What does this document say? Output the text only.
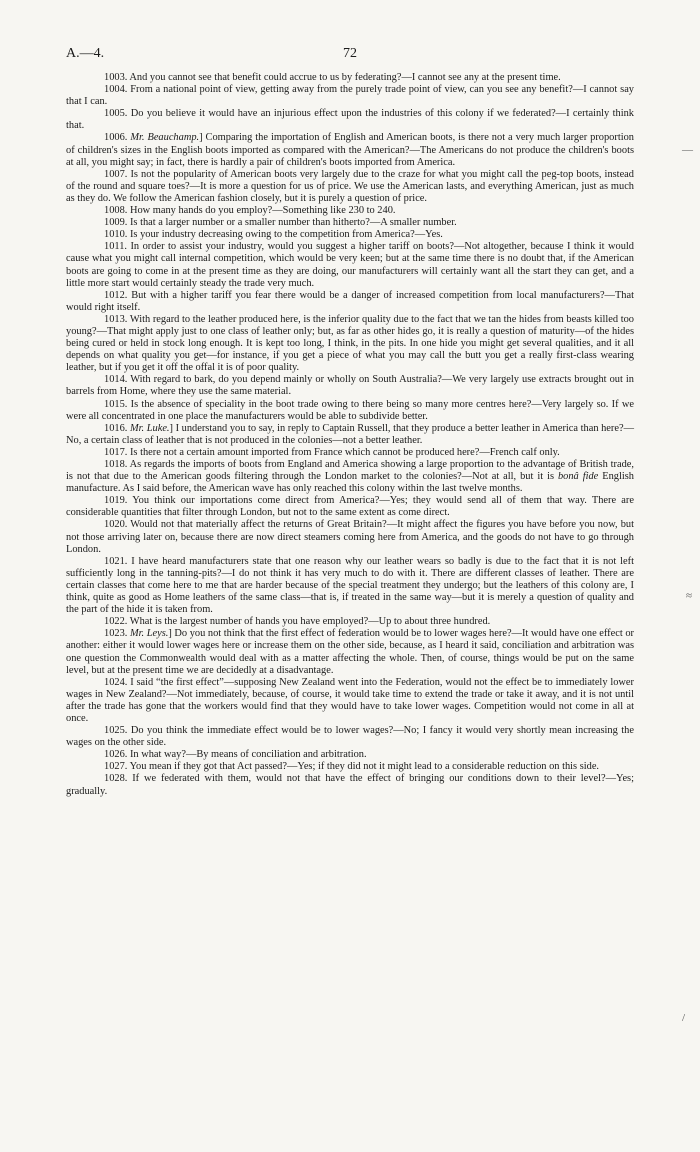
A.—4.	72

1003. And you cannot see that benefit could accrue to us by federating?—I cannot see any at the present time.

1004. From a national point of view, getting away from the purely trade point of view, can you see any benefit?—I cannot say that I can.

1005. Do you believe it would have an injurious effect upon the industries of this colony if we federated?—I certainly think that.

1006. Mr. Beauchamp.] Comparing the importation of English and American boots, is there not a very much larger proportion of children's sizes in the English boots imported as compared with the American?—The Americans do not produce the children's boots at all, you might say; in fact, there is hardly a pair of children's boots imported from America.

1007. Is not the popularity of American boots very largely due to the craze for what you might call the peg-top boots, instead of the round and square toes?—It is more a question for us of price. We use the American lasts, and everything American, just as much as they do. We follow the American fashion closely, but it is purely a question of price.

1008. How many hands do you employ?—Something like 230 to 240.

1009. Is that a larger number or a smaller number than hitherto?—A smaller number.

1010. Is your industry decreasing owing to the competition from America?—Yes.

1011. In order to assist your industry, would you suggest a higher tariff on boots?—Not altogether, because I think it would cause what you might call internal competition, which would be very keen; but at the same time there is no doubt that, if the American boots are going to come in at the present time as they are doing, our manufacturers will certainly want all the start they can get, and a little more start would certainly steady the trade very much.

1012. But with a higher tariff you fear there would be a danger of increased competition from local manufacturers?—That would right itself.

1013. With regard to the leather produced here, is the inferior quality due to the fact that we tan the hides from beasts killed too young?—That might apply just to one class of leather only; but, as far as other hides go, it is really a question of maturity—of the hides being cured or held in stock long enough. It is kept too long, I think, in the pits. In one hide you might get several qualities, and it all depends on what quality you get—for instance, if you get a piece of what you may call the butt you get a really first-class wearing leather, but if you get it off the offal it is of poor quality.

1014. With regard to bark, do you depend mainly or wholly on South Australia?—We very largely use extracts brought out in barrels from Home, where they use the same material.

1015. Is the absence of speciality in the boot trade owing to there being so many more centres here?—Very largely so. If we were all concentrated in one place the manufacturers would be able to subdivide better.

1016. Mr. Luke.] I understand you to say, in reply to Captain Russell, that they produce a better leather in America than here?—No, a certain class of leather that is not produced in the colonies—not a better leather.

1017. Is there not a certain amount imported from France which cannot be produced here?—French calf only.

1018. As regards the imports of boots from England and America showing a large proportion to the advantage of British trade, is not that due to the American goods filtering through the London market to the colonies?—Not at all, but it is bonâ fide English manufacture. As I said before, the American wave has only reached this colony within the last twelve months.

1019. You think our importations come direct from America?—Yes; they would send all of them that way. There are considerable quantities that filter through London, but not to the same extent as come direct.

1020. Would not that materially affect the returns of Great Britain?—It might affect the figures you have before you now, but not those arriving later on, because there are now direct steamers coming here from America, and the goods do not have to go through London.

1021. I have heard manufacturers state that one reason why our leather wears so badly is due to the fact that it is not left sufficiently long in the tanning-pits?—I do not think it has very much to do with it. There are different classes of leather. There are certain classes that come here to me that are harder because of the special treatment they undergo; but the leathers of this colony are, I think, quite as good as Home leathers of the same class—that is, if treated in the same way—but it is merely a question of quality and the part of the hide it is taken from.

1022. What is the largest number of hands you have employed?—Up to about three hundred.

1023. Mr. Leys.] Do you not think that the first effect of federation would be to lower wages here?—It would have one effect or another: either it would lower wages here or increase them on the other side, because, as I heard it said, conciliation and arbitration was one question the Commonwealth would deal with as a matter affecting the whole. Then, of course, things would be put on the same level, but at the present time we are decidedly at a disadvantage.

1024. I said “the first effect”—supposing New Zealand went into the Federation, would not the effect be to immediately lower wages in New Zealand?—Not immediately, because, of course, it would take time to extend the trade or take it away, and it is not until after the trade has gone that the workers would find that they would have to take lower wages. Competition would not come in all at once.

1025. Do you think the immediate effect would be to lower wages?—No; I fancy it would very shortly mean increasing the wages on the other side.

1026. In what way?—By means of conciliation and arbitration.

1027. You mean if they got that Act passed?—Yes; if they did not it might lead to a considerable reduction on this side.

1028. If we federated with them, would not that have the effect of bringing our conditions down to their level?—Yes; gradually.

—
≈
/
